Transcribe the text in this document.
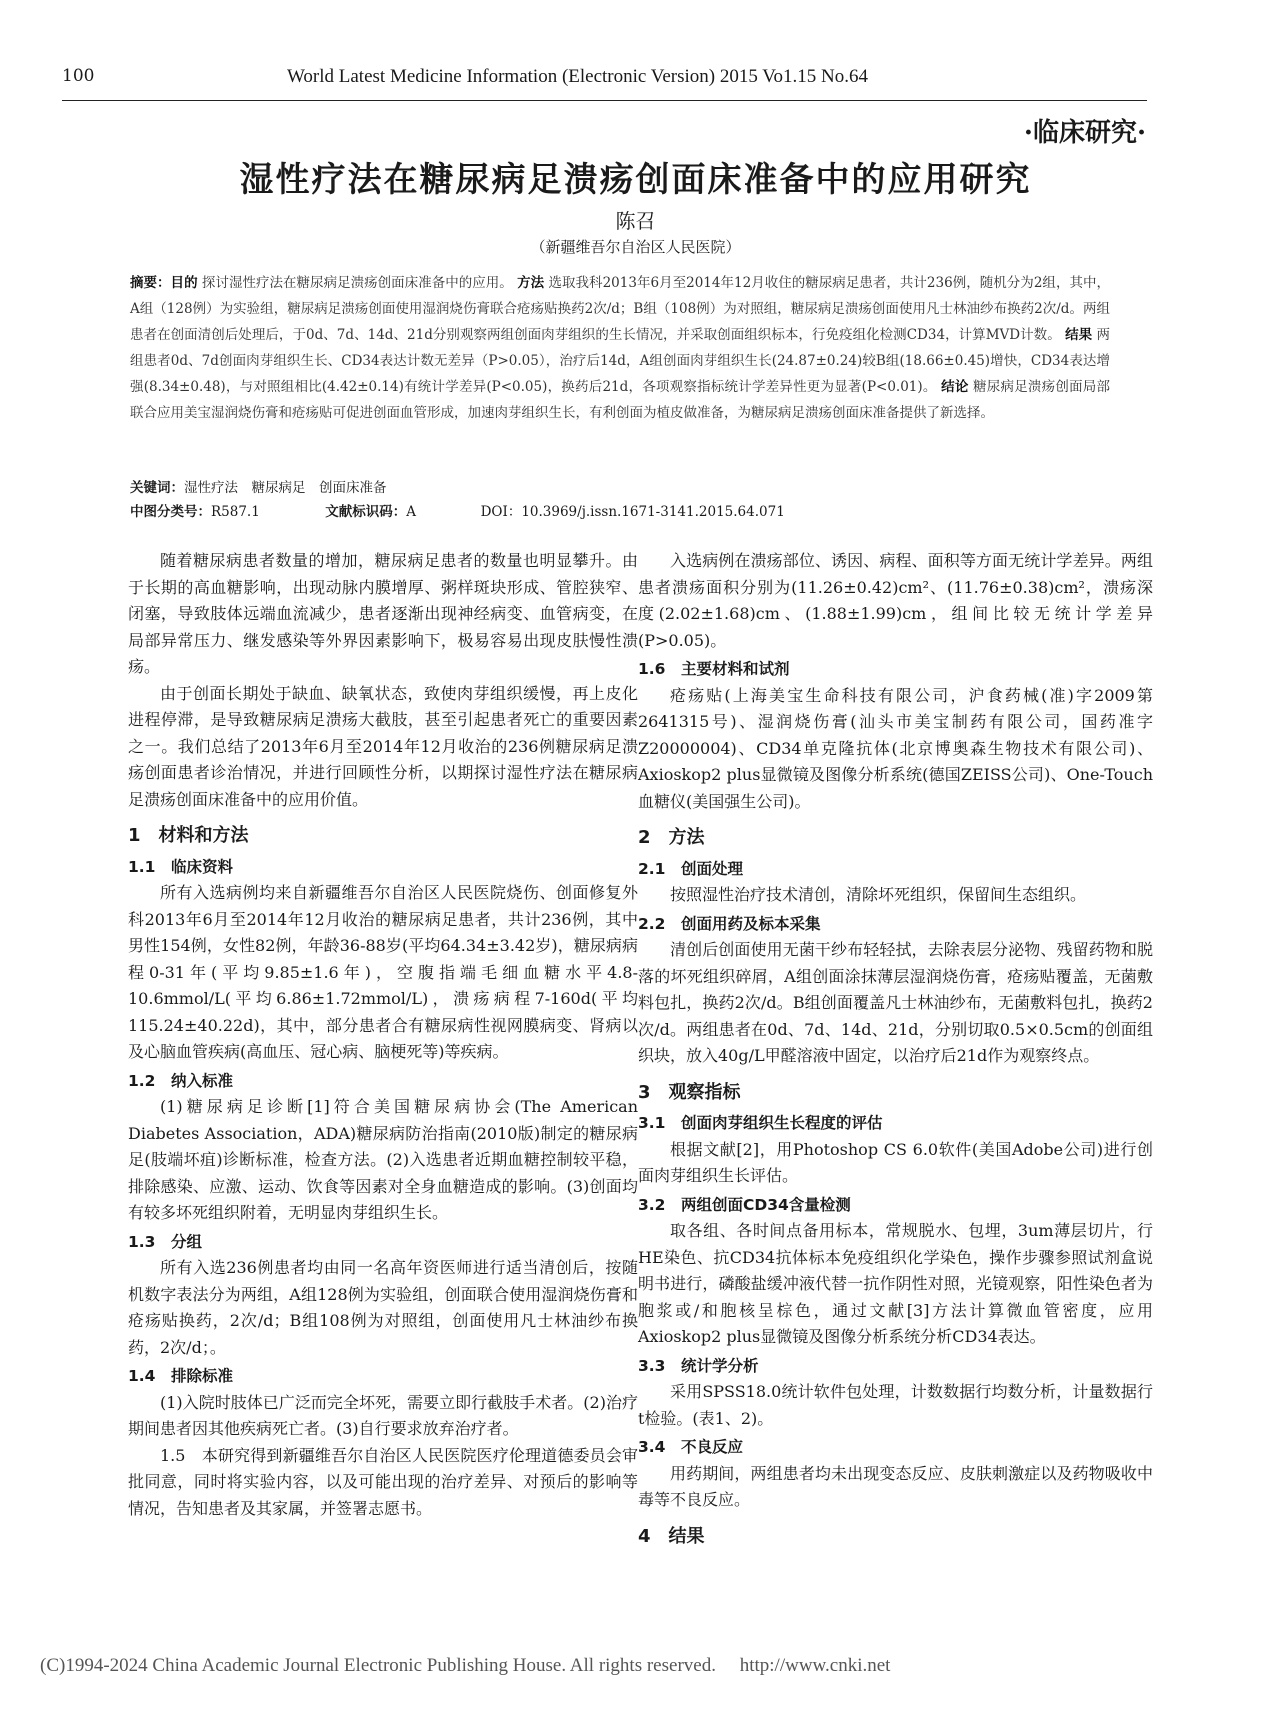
100	World Latest Medicine Information (Electronic Version) 2015 Vo1.15 No.64
·临床研究·
湿性疗法在糖尿病足溃疡创面床准备中的应用研究
陈召
（新疆维吾尔自治区人民医院）
摘要：目的 探讨湿性疗法在糖尿病足溃疡创面床准备中的应用。 方法 选取我科2013年6月至2014年12月收住的糖尿病足患者，共计236例，随机分为2组，其中，A组（128例）为实验组，糖尿病足溃疡创面使用湿润烧伤膏联合疮疡贴换药2次/d；B组（108例）为对照组，糖尿病足溃疡创面使用凡士林油纱布换药2次/d。两组患者在创面清创后处理后，于0d、7d、14d、21d分别观察两组创面肉芽组织的生长情况，并采取创面组织标本，行免疫组化检测CD34，计算MVD计数。 结果 两组患者0d、7d创面肉芽组织生长、CD34表达计数无差异（P>0.05），治疗后14d，A组创面肉芽组织生长(24.87±0.24)较B组(18.66±0.45)增快，CD34表达增强(8.34±0.48)，与对照组相比(4.42±0.14)有统计学差异(P<0.05)，换药后21d，各项观察指标统计学差异性更为显著(P<0.01)。 结论 糖尿病足溃疡创面局部联合应用美宝湿润烧伤膏和疮疡贴可促进创面血管形成，加速肉芽组织生长，有利创面为植皮做准备，为糖尿病足溃疡创面床准备提供了新选择。
关键词：湿性疗法　糖尿病足　创面床准备
中图分类号：R587.1	文献标识码：A	DOI：10.3969/j.issn.1671-3141.2015.64.071

随着糖尿病患者数量的增加，糖尿病足患者的数量也明显攀升。由于长期的高血糖影响，出现动脉内膜增厚、粥样斑块形成、管腔狭窄、闭塞，导致肢体远端血流减少，患者逐渐出现神经病变、血管病变，在局部异常压力、继发感染等外界因素影响下，极易容易出现皮肤慢性溃疡。

由于创面长期处于缺血、缺氧状态，致使肉芽组织缓慢，再上皮化进程停滞，是导致糖尿病足溃疡大截肢，甚至引起患者死亡的重要因素之一。我们总结了2013年6月至2014年12月收治的236例糖尿病足溃疡创面患者诊治情况，并进行回顾性分析，以期探讨湿性疗法在糖尿病足溃疡创面床准备中的应用价值。

1　材料和方法
1.1　临床资料

所有入选病例均来自新疆维吾尔自治区人民医院烧伤、创面修复外科2013年6月至2014年12月收治的糖尿病足患者，共计236例，其中男性154例，女性82例，年龄36-88岁(平均64.34±3.42岁)，糖尿病病程0-31年(平均9.85±1.6年)，空腹指端毛细血糖水平4.8-10.6mmol/L(平均6.86±1.72mmol/L)，溃疡病程7-160d(平均115.24±40.22d)，其中，部分患者合有糖尿病性视网膜病变、肾病以及心脑血管疾病(高血压、冠心病、脑梗死等)等疾病。

1.2　纳入标准

(1)糖尿病足诊断[1]符合美国糖尿病协会(The American Diabetes Association，ADA)糖尿病防治指南(2010版)制定的糖尿病足(肢端坏疽)诊断标准，检查方法。(2)入选患者近期血糖控制较平稳，排除感染、应激、运动、饮食等因素对全身血糖造成的影响。(3)创面均有较多坏死组织附着，无明显肉芽组织生长。

1.3　分组

所有入选236例患者均由同一名高年资医师进行适当清创后，按随机数字表法分为两组，A组128例为实验组，创面联合使用湿润烧伤膏和疮疡贴换药，2次/d；B组108例为对照组，创面使用凡士林油纱布换药，2次/d；。

1.4　排除标准

(1)入院时肢体已广泛而完全坏死，需要立即行截肢手术者。(2)治疗期间患者因其他疾病死亡者。(3)自行要求放弃治疗者。

1.5　本研究得到新疆维吾尔自治区人民医院医疗伦理道德委员会审批同意，同时将实验内容，以及可能出现的治疗差异、对预后的影响等情况，告知患者及其家属，并签署志愿书。

入选病例在溃疡部位、诱因、病程、面积等方面无统计学差异。两组患者溃疡面积分别为(11.26±0.42)cm²、(11.76±0.38)cm²，溃疡深度(2.02±1.68)cm、(1.88±1.99)cm，组间比较无统计学差异(P>0.05)。

1.6　主要材料和试剂

疮疡贴(上海美宝生命科技有限公司，沪食药械(准)字2009第2641315号)、湿润烧伤膏(汕头市美宝制药有限公司，国药准字Z20000004)、CD34单克隆抗体(北京博奥森生物技术有限公司)、Axioskop2 plus显微镜及图像分析系统(德国ZEISS公司)、One-Touch血糖仪(美国强生公司)。

2　方法
2.1　创面处理

按照湿性治疗技术清创，清除坏死组织，保留间生态组织。

2.2　创面用药及标本采集

清创后创面使用无菌干纱布轻轻拭，去除表层分泌物、残留药物和脱落的坏死组织碎屑，A组创面涂抹薄层湿润烧伤膏，疮疡贴覆盖，无菌敷料包扎，换药2次/d。B组创面覆盖凡士林油纱布，无菌敷料包扎，换药2次/d。两组患者在0d、7d、14d、21d，分别切取0.5×0.5cm的创面组织块，放入40g/L甲醛溶液中固定，以治疗后21d作为观察终点。

3　观察指标
3.1　创面肉芽组织生长程度的评估

根据文献[2]，用Photoshop CS 6.0软件(美国Adobe公司)进行创面肉芽组织生长评估。

3.2　两组创面CD34含量检测

取各组、各时间点备用标本，常规脱水、包埋，3um薄层切片，行HE染色、抗CD34抗体标本免疫组织化学染色，操作步骤参照试剂盒说明书进行，磷酸盐缓冲液代替一抗作阴性对照，光镜观察，阳性染色者为胞浆或/和胞核呈棕色，通过文献[3]方法计算微血管密度，应用Axioskop2 plus显微镜及图像分析系统分析CD34表达。

3.3　统计学分析

采用SPSS18.0统计软件包处理，计数数据行均数分析，计量数据行t检验。(表1、2)。

3.4　不良反应

用药期间，两组患者均未出现变态反应、皮肤刺激症以及药物吸收中毒等不良反应。

4　结果
(C)1994-2024 China Academic Journal Electronic Publishing House. All rights reserved.　 http://www.cnki.net
